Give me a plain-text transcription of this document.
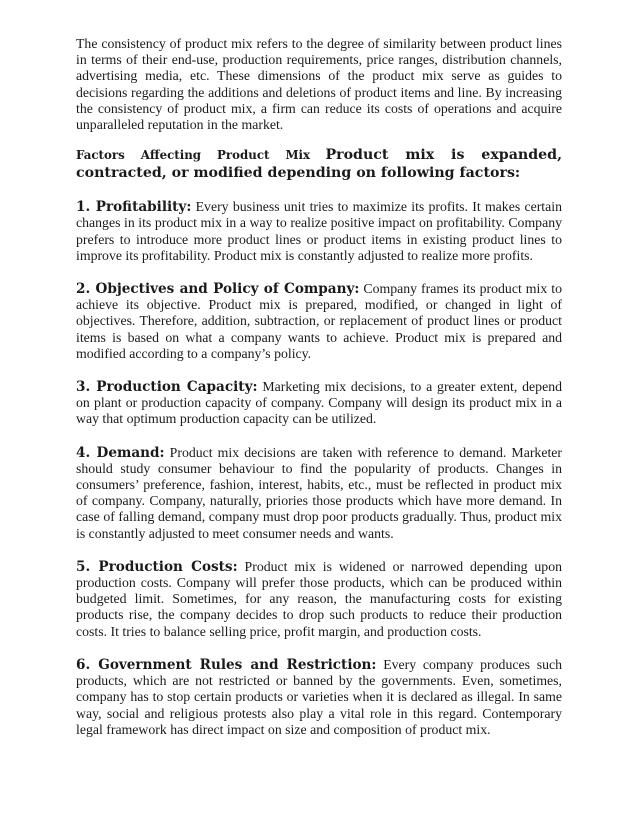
The consistency of product mix refers to the degree of similarity between product lines in terms of their end-use, production requirements, price ranges, distribution channels, advertising media, etc. These dimensions of the product mix serve as guides to decisions regarding the additions and deletions of product items and line. By increasing the consistency of product mix, a firm can reduce its costs of operations and acquire unparalleled reputation in the market.

Factors Affecting Product Mix Product mix is expanded, contracted, or modified depending on following factors:

1. Profitability: Every business unit tries to maximize its profits. It makes certain changes in its product mix in a way to realize positive impact on profitability. Company prefers to introduce more product lines or product items in existing product lines to improve its profitability. Product mix is constantly adjusted to realize more profits.

2. Objectives and Policy of Company: Company frames its product mix to achieve its objective. Product mix is prepared, modified, or changed in light of objectives. Therefore, addition, subtraction, or replacement of product lines or product items is based on what a company wants to achieve. Product mix is prepared and modified according to a company’s policy.

3. Production Capacity: Marketing mix decisions, to a greater extent, depend on plant or production capacity of company. Company will design its product mix in a way that optimum production capacity can be utilized.

4. Demand: Product mix decisions are taken with reference to demand. Marketer should study consumer behaviour to find the popularity of products. Changes in consumers’ preference, fashion, interest, habits, etc., must be reflected in product mix of company. Company, naturally, priories those products which have more demand. In case of falling demand, company must drop poor products gradually. Thus, product mix is constantly adjusted to meet consumer needs and wants.

5. Production Costs: Product mix is widened or narrowed depending upon production costs. Company will prefer those products, which can be produced within budgeted limit. Sometimes, for any reason, the manufacturing costs for existing products rise, the company decides to drop such products to reduce their production costs. It tries to balance selling price, profit margin, and production costs.

6. Government Rules and Restriction: Every company produces such products, which are not restricted or banned by the governments. Even, sometimes, company has to stop certain products or varieties when it is declared as illegal. In same way, social and religious protests also play a vital role in this regard. Contemporary legal framework has direct impact on size and composition of product mix.
